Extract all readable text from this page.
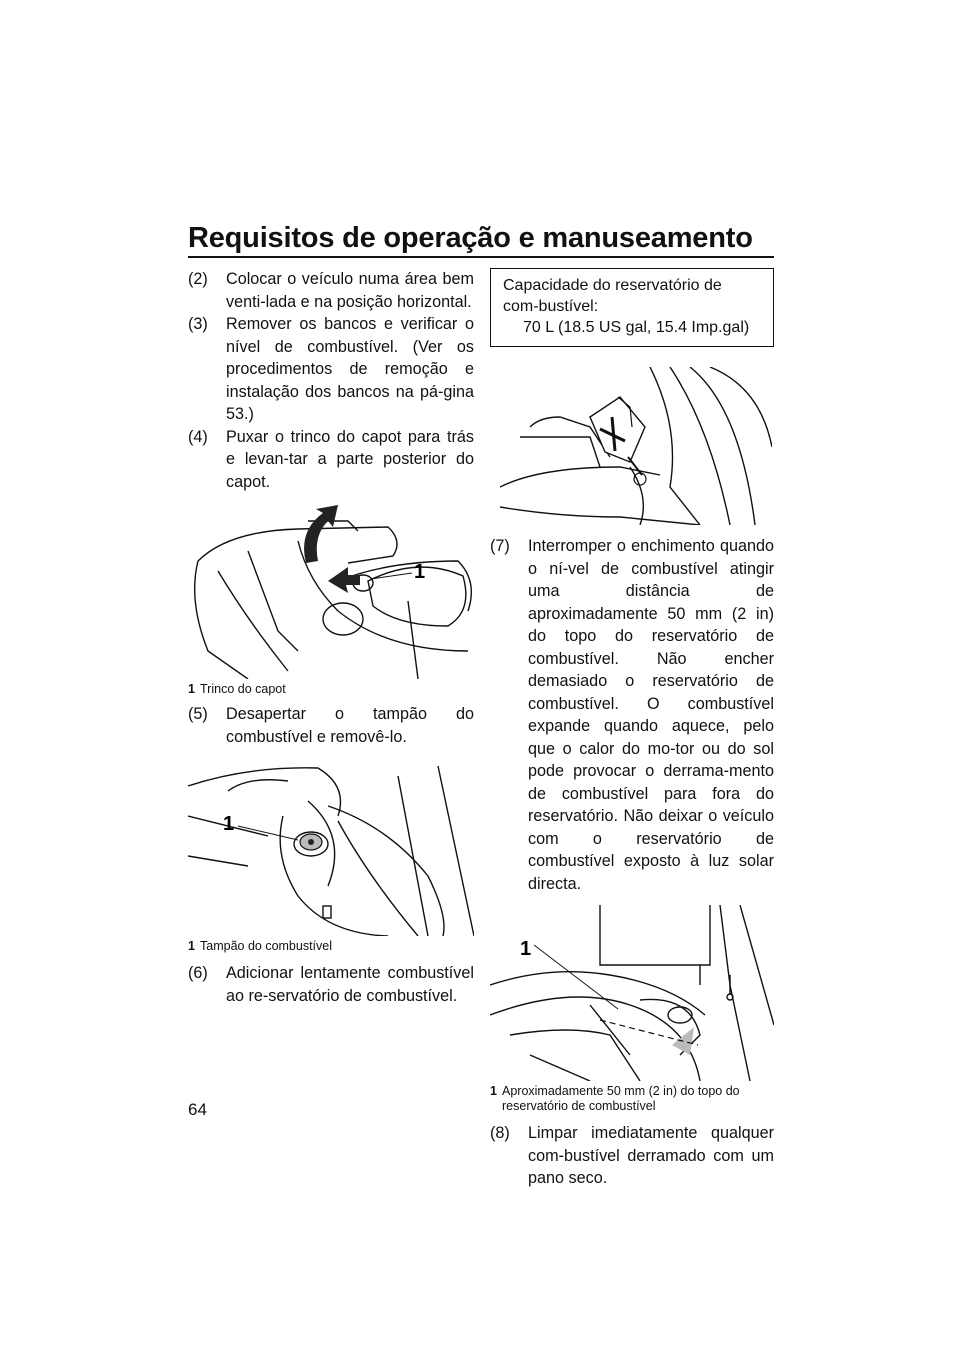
Requisitos de operação e manuseamento
(2)	Colocar o veículo numa área bem venti-lada e na posição horizontal.
(3)	Remover os bancos e verificar o nível de combustível. (Ver os procedimentos de remoção e instalação dos bancos na pá-gina 53.)
(4)	Puxar o trinco do capot para trás e levan-tar a parte posterior do capot.
1
1 Trinco do capot
(5)	Desapertar o tampão do combustível e removê-lo.
1
1 Tampão do combustível
(6)	Adicionar lentamente combustível ao re-servatório de combustível.
Capacidade do reservatório de com-bustível:
70 L (18.5 US gal, 15.4 Imp.gal)
(7)	Interromper o enchimento quando o ní-vel de combustível atingir uma distância de aproximadamente 50 mm (2 in) do topo do reservatório de combustível. Não encher demasiado o reservatório de combustível. O combustível expande quando aquece, pelo que o calor do mo-tor ou do sol pode provocar o derrama-mento de combustível para fora do reservatório. Não deixar o veículo com o reservatório de combustível exposto à luz solar directa.
1
1 Aproximadamente 50 mm (2 in) do topo do reservatório de combustível
(8)	Limpar imediatamente qualquer com-bustível derramado com um pano seco.
64
